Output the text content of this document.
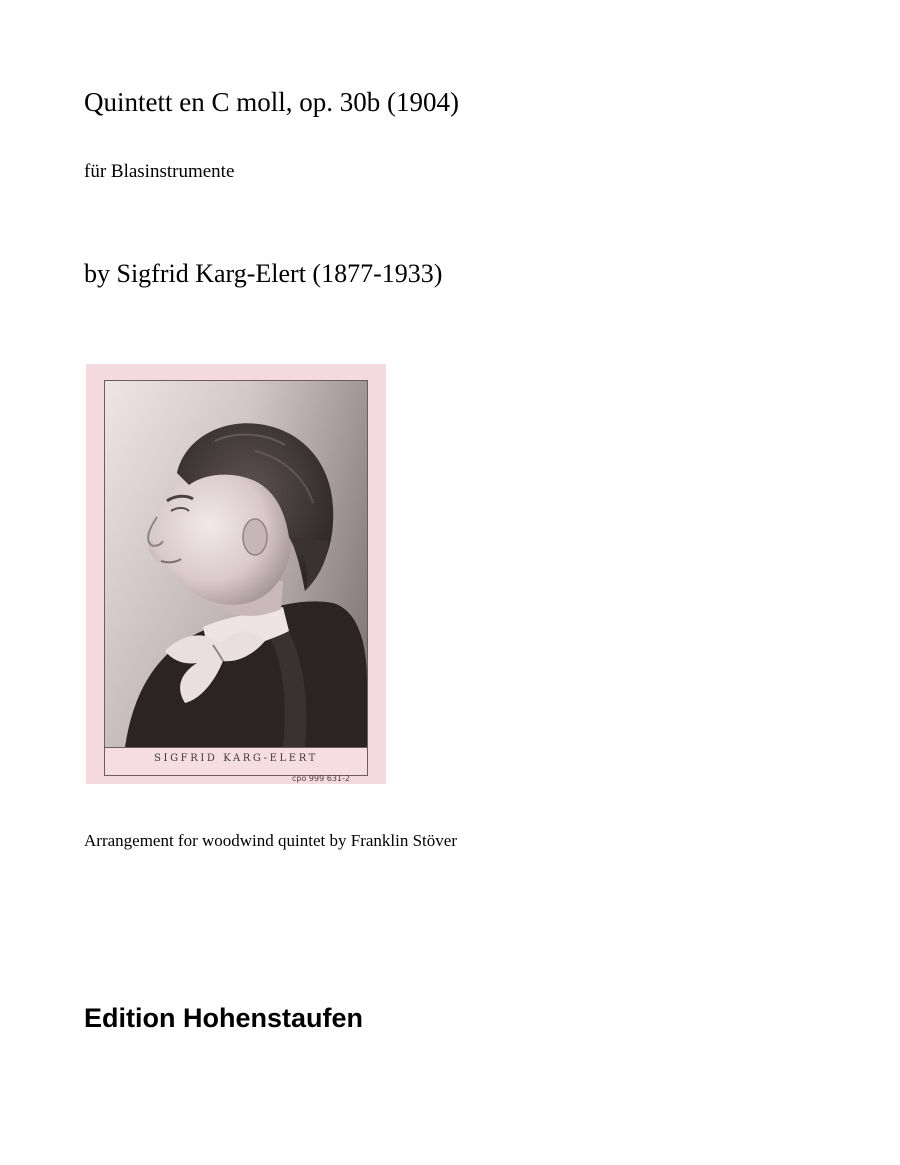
Quintett en C moll, op. 30b (1904)
für Blasinstrumente
by Sigfrid Karg-Elert (1877-1933)
SIGFRID KARG-ELERT
cpo 999 631-2
Arrangement for woodwind quintet by Franklin Stöver
Edition Hohenstaufen
